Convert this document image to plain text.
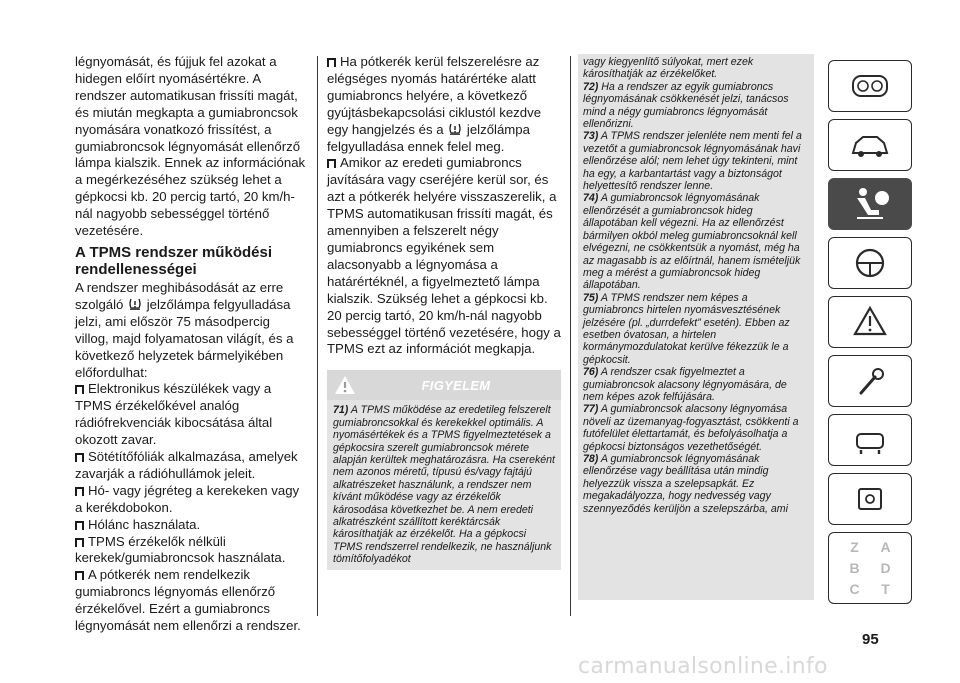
légnyomását, és fújjuk fel azokat a hidegen előírt nyomásértékre. A rendszer automatikusan frissíti magát, és miután megkapta a gumiabroncsok nyomására vonatkozó frissítést, a gumiabroncsok légnyomását ellenőrző lámpa kialszik. Ennek az információnak a megérkezéséhez szükség lehet a gépkocsi kb. 20 percig tartó, 20 km/h-nál nagyobb sebességgel történő vezetésére.

A TPMS rendszer működési rendellenességei

A rendszer meghibásodását az erre szolgáló jelzőlámpa felgyulladása jelzi, ami először 75 másodpercig villog, majd folyamatosan világít, és a következő helyzetek bármelyikében előfordulhat:

Elektronikus készülékek vagy a TPMS érzékelőkével analóg rádiófrekvenciák kibocsátása által okozott zavar.
Sötétítőfóliák alkalmazása, amelyek zavarják a rádióhullámok jeleit.
Hó- vagy jégréteg a kerekeken vagy a kerékdobokon.
Hólánc használata.
TPMS érzékelők nélküli kerekek/gumiabroncsok használata.
A pótkerék nem rendelkezik gumiabroncs légnyomás ellenőrző érzékelővel. Ezért a gumiabroncs légnyomását nem ellenőrzi a rendszer.
Ha pótkerék kerül felszerelésre az elégséges nyomás határértéke alatt gumiabroncs helyére, a következő gyújtásbekapcsolási ciklustól kezdve egy hangjelzés és a jelzőlámpa felgyulladása ennek felel meg.
Amikor az eredeti gumiabroncs javítására vagy cseréjére kerül sor, és azt a pótkerék helyére visszaszerelik, a TPMS automatikusan frissíti magát, és amennyiben a felszerelt négy gumiabroncs egyikének sem alacsonyabb a légnyomása a határértéknél, a figyelmeztető lámpa kialszik. Szükség lehet a gépkocsi kb. 20 percig tartó, 20 km/h-nál nagyobb sebességgel történő vezetésére, hogy a TPMS ezt az információt megkapja.
FIGYELEM

71) A TPMS működése az eredetileg felszerelt gumiabroncsokkal és kerekekkel optimális. A nyomásértékek és a TPMS figyelmeztetések a gépkocsira szerelt gumiabroncsok mérete alapján kerültek meghatározásra. Ha csereként nem azonos méretű, típusú és/vagy fajtájú alkatrészeket használunk, a rendszer nem kívánt működése vagy az érzékelők károsodása következhet be. A nem eredeti alkatrészként szállított keréktárcsák károsíthatják az érzékelőt. Ha a gépkocsi TPMS rendszerrel rendelkezik, ne használjunk tömítőfolyadékot

vagy kiegyenlítő súlyokat, mert ezek károsíthatják az érzékelőket.

72) Ha a rendszer az egyik gumiabroncs légnyomásának csökkenését jelzi, tanácsos mind a négy gumiabroncs légnyomását ellenőrizni.

73) A TPMS rendszer jelenléte nem menti fel a vezetőt a gumiabroncsok légnyomásának havi ellenőrzése alól; nem lehet úgy tekinteni, mint ha egy, a karbantartást vagy a biztonságot helyettesítő rendszer lenne.

74) A gumiabroncsok légnyomásának ellenőrzését a gumiabroncsok hideg állapotában kell végezni. Ha az ellenőrzést bármilyen okból meleg gumiabroncsoknál kell elvégezni, ne csökkentsük a nyomást, még ha az magasabb is az előírtnál, hanem ismételjük meg a mérést a gumiabroncsok hideg állapotában.

75) A TPMS rendszer nem képes a gumiabroncs hirtelen nyomásvesztésének jelzésére (pl. „durrdefekt” esetén). Ebben az esetben óvatosan, a hirtelen kormánymozdulatokat kerülve fékezzük le a gépkocsit.

76) A rendszer csak figyelmeztet a gumiabroncsok alacsony légnyomására, de nem képes azok felfújására.

77) A gumiabroncsok alacsony légnyomása növeli az üzemanyag-fogyasztást, csökkenti a futófelület élettartamát, és befolyásolhatja a gépkocsi biztonságos vezethetőségét.

78) A gumiabroncsok légnyomásának ellenőrzése vagy beállítása után mindig helyezzük vissza a szelepsapkát. Ez megakadályozza, hogy nedvesség vagy szennyeződés kerüljön a szelepszárba, ami

Z	A
B	D
C	T
95
carmanualsonline.info
